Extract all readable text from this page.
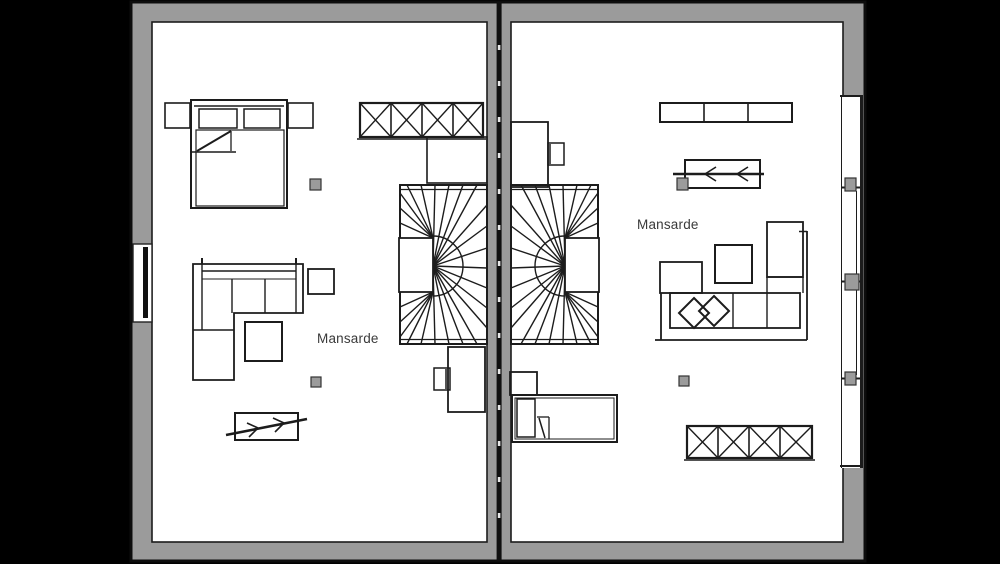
Mansarde
Mansarde
